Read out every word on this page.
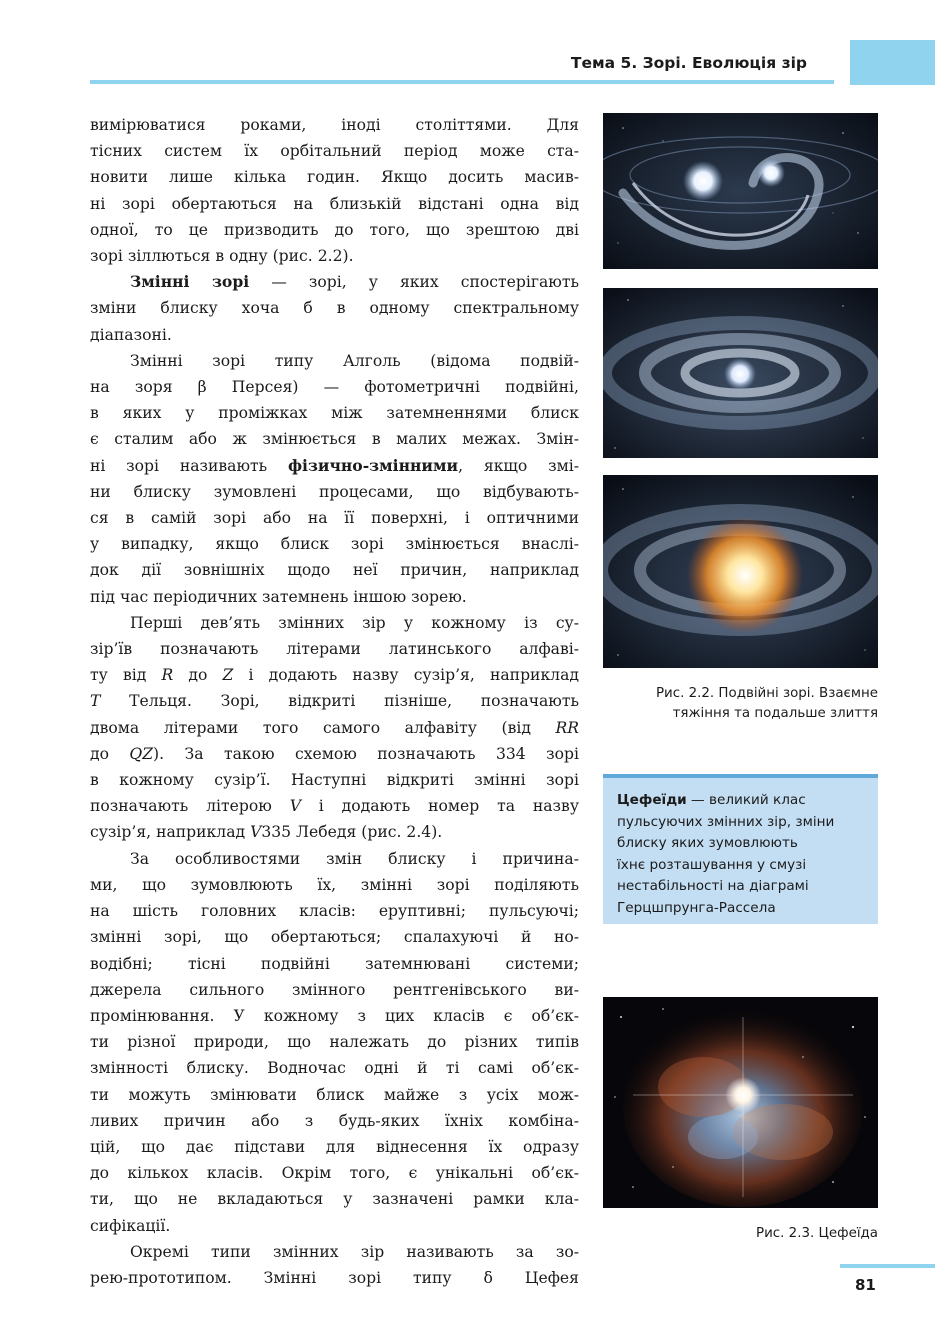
Тема 5. Зорі. Еволюція зір

вимірюватися роками, іноді століттями. Для

тісних систем їх орбітальний період може ста-

новити лише кілька годин. Якщо досить масив-

ні зорі обертаються на близькій відстані одна від

одної, то це призводить до того, що зрештою дві

зорі зіллються в одну (рис. 2.2).

Змінні зорі — зорі, у яких спостерігають

зміни блиску хоча б в одному спектральному

діапазоні.

Змінні зорі типу Алголь (відома подвій-

на зоря β Персея) — фотометричні подвійні,

в яких у проміжках між затемненнями блиск

є сталим або ж змінюється в малих межах. Змін-

ні зорі називають фізично-змінними, якщо змі-

ни блиску зумовлені процесами, що відбувають-

ся в самій зорі або на її поверхні, і оптичними

у випадку, якщо блиск зорі змінюється внаслі-

док дії зовнішніх щодо неї причин, наприклад

під час періодичних затемнень іншою зорею.

Перші дев’ять змінних зір у кожному із су-

зір’їв позначають літерами латинського алфаві-

ту від R до Z і додають назву сузір’я, наприклад

T Тельця. Зорі, відкриті пізніше, позначають

двома літерами того самого алфавіту (від RR

до QZ). За такою схемою позначають 334 зорі

в кожному сузір’ї. Наступні відкриті змінні зорі

позначають літерою V і додають номер та назву

сузір’я, наприклад V335 Лебедя (рис. 2.4).

За особливостями змін блиску і причина-

ми, що зумовлюють їх, змінні зорі поділяють

на шість головних класів: еруптивні; пульсуючі;

змінні зорі, що обертаються; спалахуючі й но-

водібні; тісні подвійні затемнювані системи;

джерела сильного змінного рентгенівського ви-

промінювання. У кожному з цих класів є об’єк-

ти різної природи, що належать до різних типів

змінності блиску. Водночас одні й ті самі об’єк-

ти можуть змінювати блиск майже з усіх мож-

ливих причин або з будь-яких їхніх комбіна-

цій, що дає підстави для віднесення їх одразу

до кількох класів. Окрім того, є унікальні об’єк-

ти, що не вкладаються у зазначені рамки кла-

сифікації.

Окремі типи змінних зір називають за зо-

рею-прототипом. Змінні зорі типу δ Цефея

Рис. 2.2. Подвійні зорі. Взаємне
тяжіння та подальше злиття
Цефеїди — великий клас
пульсуючих змінних зір, зміни
блиску яких зумовлюють
їхнє розташування у смузі
нестабільності на діаграмі
Герцшпрунга-Рассела
Рис. 2.3. Цефеїда
81
